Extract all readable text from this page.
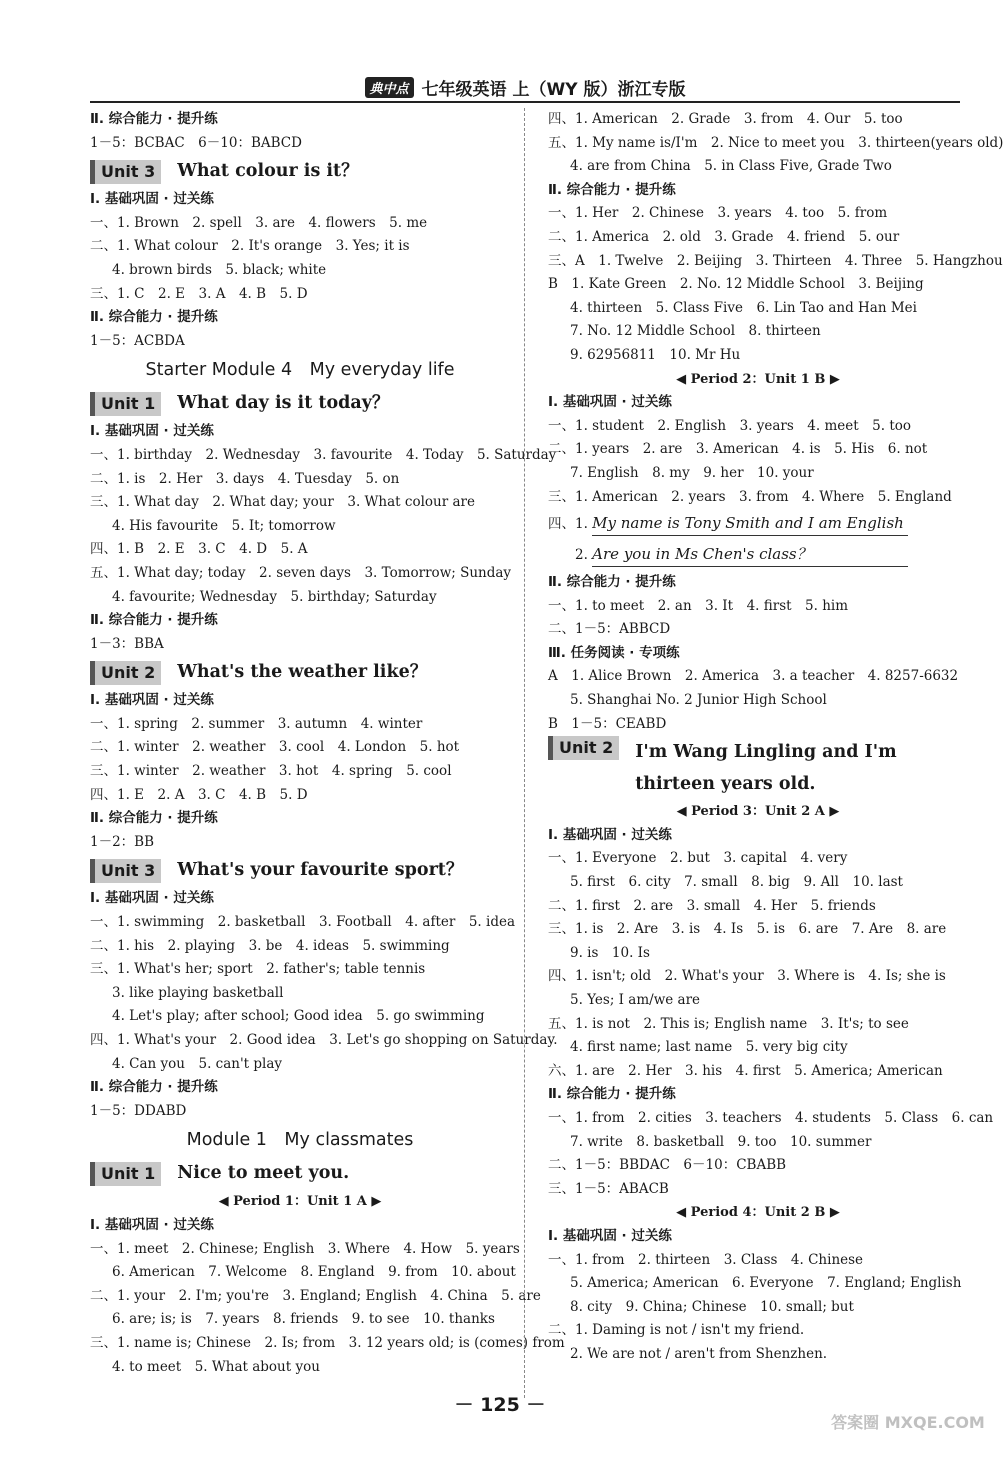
典中点 七年级英语 上（WY 版）浙江专版
Ⅱ. 综合能力 · 提升练
1－5：BCBAC　6－10：BABCD
Unit 3	What colour is it？
Ⅰ. 基础巩固 · 过关练
一、1. Brown　2. spell　3. are　4. flowers　5. me
二、1. What colour　2. It's orange　3. Yes; it is
4. brown birds　5. black; white
三、1. C　2. E　3. A　4. B　5. D
Ⅱ. 综合能力 · 提升练
1－5：ACBDA
Starter Module 4　My everyday life
Unit 1	What day is it today？
Ⅰ. 基础巩固 · 过关练
一、1. birthday　2. Wednesday　3. favourite　4. Today　5. Saturday
二、1. is　2. Her　3. days　4. Tuesday　5. on
三、1. What day　2. What day; your　3. What colour are
4. His favourite　5. It; tomorrow
四、1. B　2. E　3. C　4. D　5. A
五、1. What day; today　2. seven days　3. Tomorrow; Sunday
4. favourite; Wednesday　5. birthday; Saturday
Ⅱ. 综合能力 · 提升练
1－3：BBA
Unit 2	What's the weather like？
Ⅰ. 基础巩固 · 过关练
一、1. spring　2. summer　3. autumn　4. winter
二、1. winter　2. weather　3. cool　4. London　5. hot
三、1. winter　2. weather　3. hot　4. spring　5. cool
四、1. E　2. A　3. C　4. B　5. D
Ⅱ. 综合能力 · 提升练
1－2：BB
Unit 3	What's your favourite sport？
Ⅰ. 基础巩固 · 过关练
一、1. swimming　2. basketball　3. Football　4. after　5. idea
二、1. his　2. playing　3. be　4. ideas　5. swimming
三、1. What's her; sport　2. father's; table tennis
3. like playing basketball
4. Let's play; after school; Good idea　5. go swimming
四、1. What's your　2. Good idea　3. Let's go shopping on Saturday.
4. Can you　5. can't play
Ⅱ. 综合能力 · 提升练
1－5：DDABD
Module 1　My classmates
Unit 1	Nice to meet you.
◀ Period 1：Unit 1 A ▶
Ⅰ. 基础巩固 · 过关练
一、1. meet　2. Chinese; English　3. Where　4. How　5. years
6. American　7. Welcome　8. England　9. from　10. about
二、1. your　2. I'm; you're　3. England; English　4. China　5. are
6. are; is; is　7. years　8. friends　9. to see　10. thanks
三、1. name is; Chinese　2. Is; from　3. 12 years old; is (comes) from
4. to meet　5. What about you
四、1. American　2. Grade　3. from　4. Our　5. too
五、1. My name is/I'm　2. Nice to meet you　3. thirteen(years old)
4. are from China　5. in Class Five, Grade Two
Ⅱ. 综合能力 · 提升练
一、1. Her　2. Chinese　3. years　4. too　5. from
二、1. America　2. old　3. Grade　4. friend　5. our
三、A　1. Twelve　2. Beijing　3. Thirteen　4. Three　5. Hangzhou
B　1. Kate Green　2. No. 12 Middle School　3. Beijing
4. thirteen　5. Class Five　6. Lin Tao and Han Mei
7. No. 12 Middle School　8. thirteen
9. 62956811　10. Mr Hu
◀ Period 2：Unit 1 B ▶
Ⅰ. 基础巩固 · 过关练
一、1. student　2. English　3. years　4. meet　5. too
二、1. years　2. are　3. American　4. is　5. His　6. not
7. English　8. my　9. her　10. your
三、1. American　2. years　3. from　4. Where　5. England
四、1. My name is Tony Smith and I am English
　　2. Are you in Ms Chen's class？
Ⅱ. 综合能力 · 提升练
一、1. to meet　2. an　3. It　4. first　5. him
二、1－5：ABBCD
Ⅲ. 任务阅读 · 专项练
A　1. Alice Brown　2. America　3. a teacher　4. 8257-6632
5. Shanghai No. 2 Junior High School
B　1－5：CEABD
Unit 2	I'm Wang Lingling and I'm thirteen years old.
◀ Period 3：Unit 2 A ▶
Ⅰ. 基础巩固 · 过关练
一、1. Everyone　2. but　3. capital　4. very
5. first　6. city　7. small　8. big　9. All　10. last
二、1. first　2. are　3. small　4. Her　5. friends
三、1. is　2. Are　3. is　4. Is　5. is　6. are　7. Are　8. are
9. is　10. Is
四、1. isn't; old　2. What's your　3. Where is　4. Is; she is
5. Yes; I am/we are
五、1. is not　2. This is; English name　3. It's; to see
4. first name; last name　5. very big city
六、1. are　2. Her　3. his　4. first　5. America; American
Ⅱ. 综合能力 · 提升练
一、1. from　2. cities　3. teachers　4. students　5. Class　6. can
7. write　8. basketball　9. too　10. summer
二、1－5：BBDAC　6－10：CBABB
三、1－5：ABACB
◀ Period 4：Unit 2 B ▶
Ⅰ. 基础巩固 · 过关练
一、1. from　2. thirteen　3. Class　4. Chinese
5. America; American　6. Everyone　7. England; English
8. city　9. China; Chinese　10. small; but
二、1. Daming is not / isn't my friend.
2. We are not / aren't from Shenzhen.
－ 125 －
答案圈 MXQE.COM
